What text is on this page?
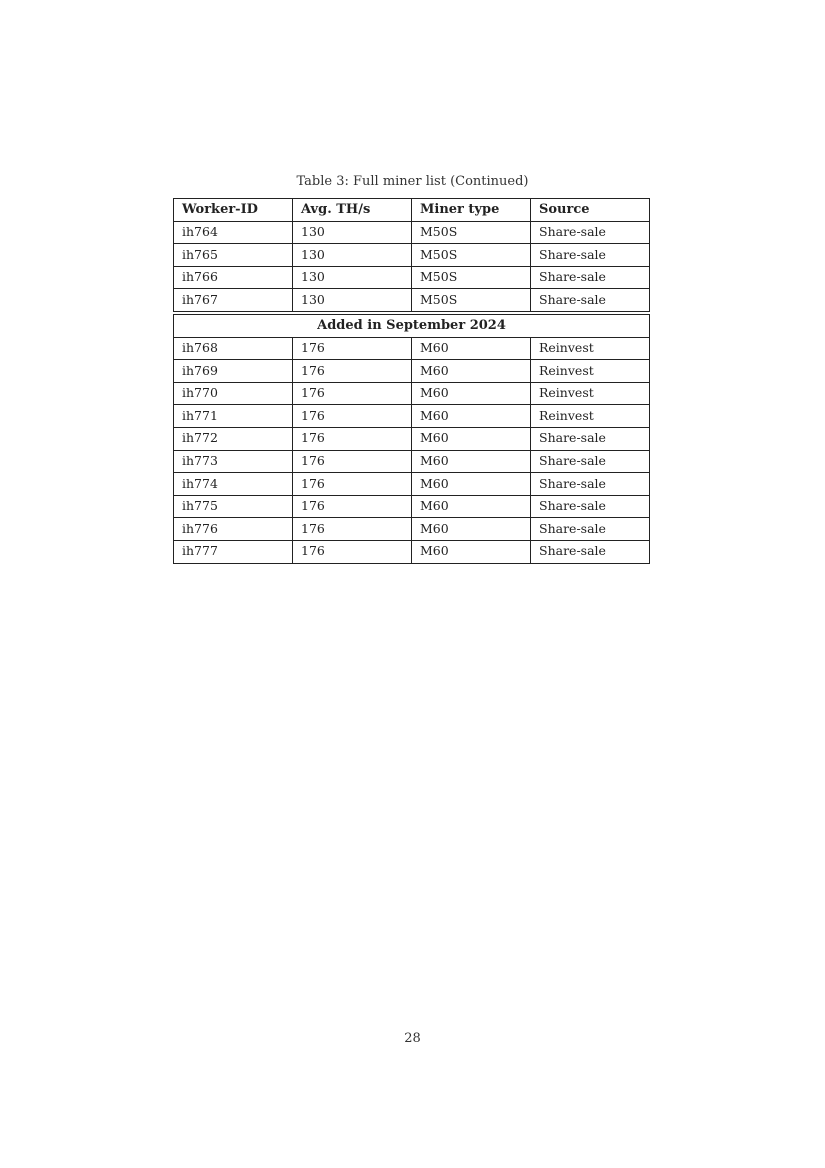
Table 3: Full miner list (Continued)
Worker-ID	Avg. TH/s	Miner type	Source
ih764	130	M50S	Share-sale
ih765	130	M50S	Share-sale
ih766	130	M50S	Share-sale
ih767	130	M50S	Share-sale

Added in September 2024			
ih768	176	M60	Reinvest
ih769	176	M60	Reinvest
ih770	176	M60	Reinvest
ih771	176	M60	Reinvest
ih772	176	M60	Share-sale
ih773	176	M60	Share-sale
ih774	176	M60	Share-sale
ih775	176	M60	Share-sale
ih776	176	M60	Share-sale
ih777	176	M60	Share-sale
28
